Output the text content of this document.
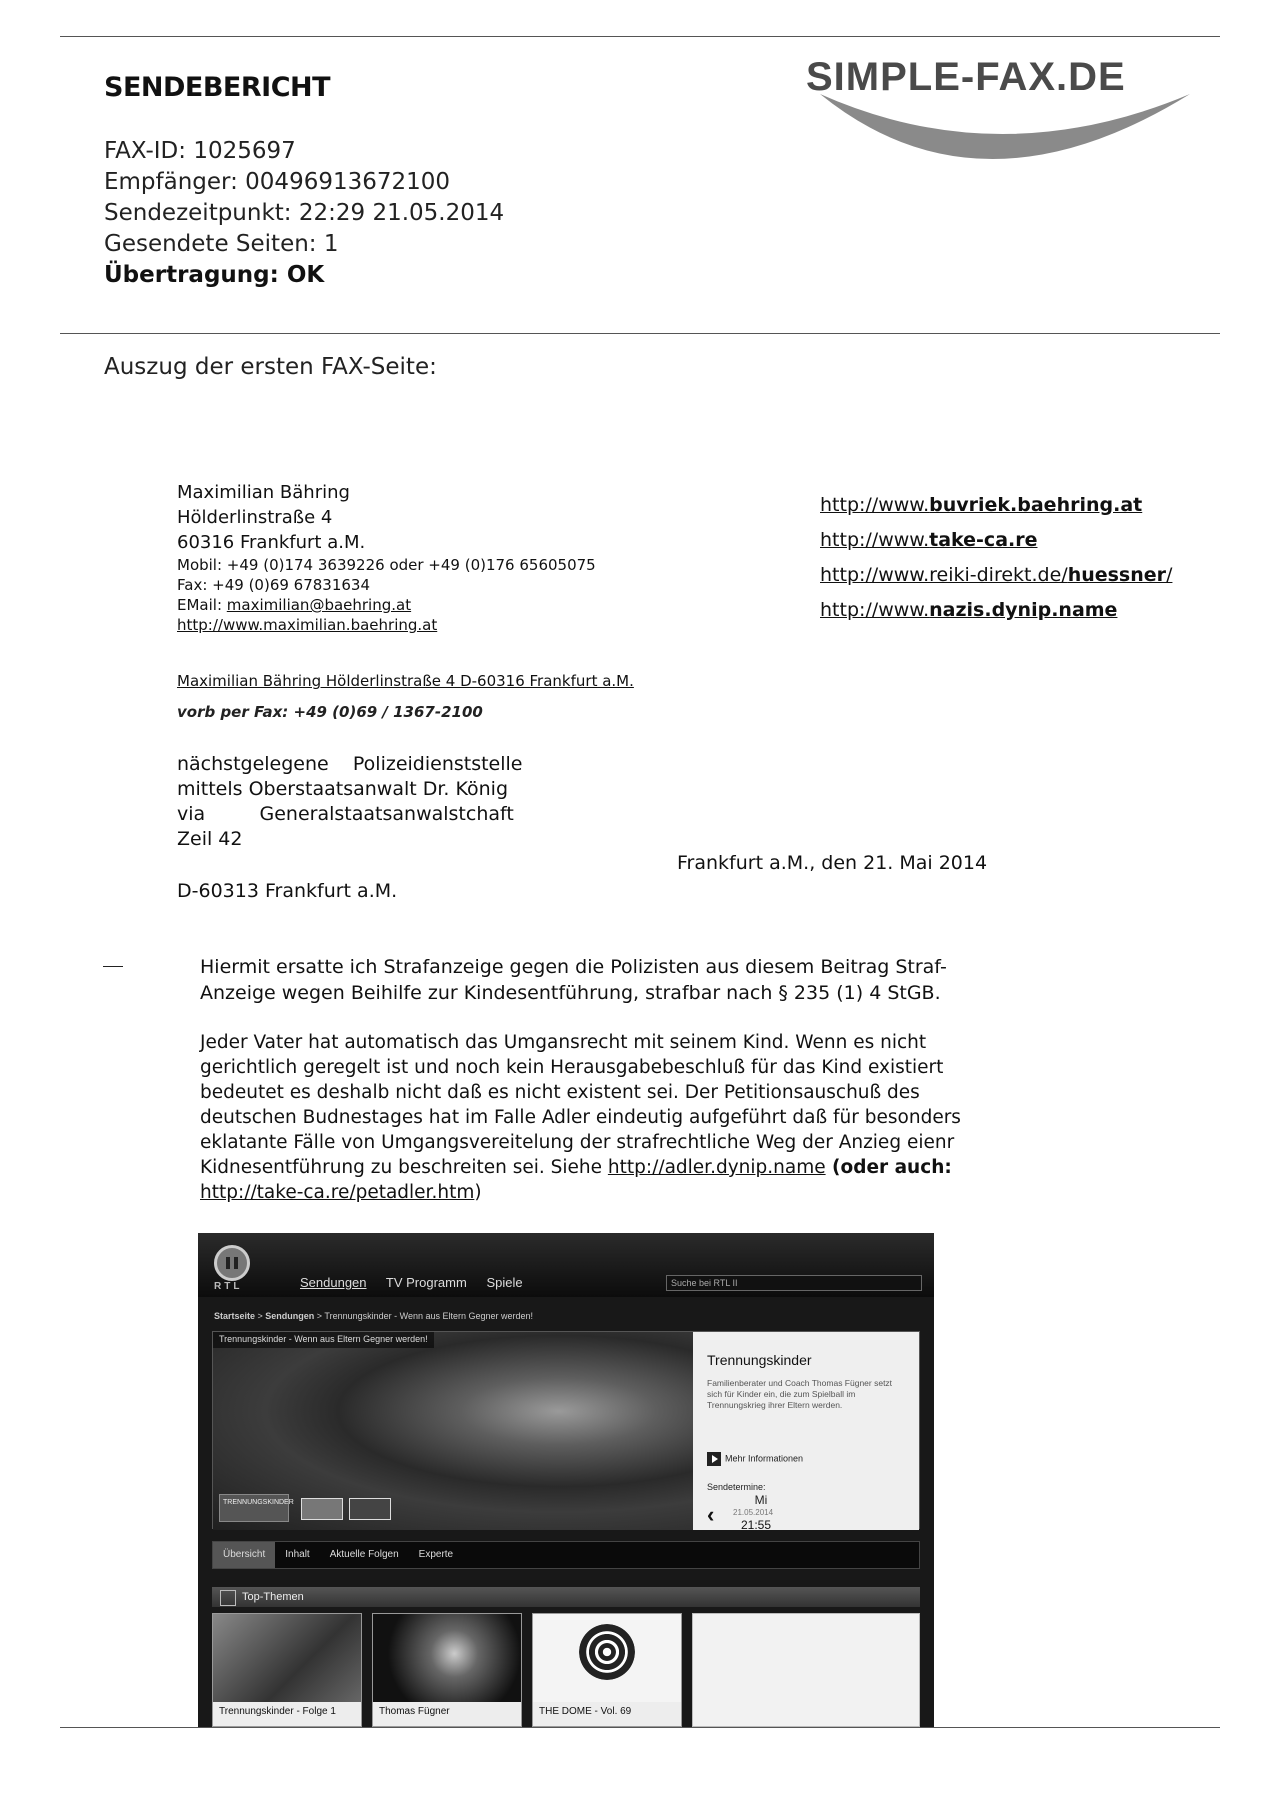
SENDEBERICHT	SIMPLE-FAX.DE
FAX-ID: 1025697
Empfänger: 00496913672100
Sendezeitpunkt: 22:29 21.05.2014
Gesendete Seiten: 1
Übertragung: OK
Auszug der ersten FAX-Seite:
Maximilian Bähring
Hölderlinstraße 4
60316 Frankfurt a.M.
Mobil: +49 (0)174 3639226 oder +49 (0)176 65605075
Fax: +49 (0)69 67831634
EMail: maximilian@baehring.at
http://www.maximilian.baehring.at
http://www.buvriek.baehring.at
http://www.take-ca.re
http://www.reiki-direkt.de/huessner/
http://www.nazis.dynip.name
Maximilian Bähring Hölderlinstraße 4 D-60316 Frankfurt a.M.
vorb per Fax: +49 (0)69 / 1367-2100
nächstgelegene    Polizeidienststelle
mittels Oberstaatsanwalt Dr. König
via         Generalstaatsanwalstchaft
Zeil 42
D-60313 Frankfurt a.M.
Frankfurt a.M., den 21. Mai 2014
Hiermit ersatte ich Strafanzeige gegen die Polizisten aus diesem Beitrag Straf-Anzeige wegen Beihilfe zur Kindesentführung, strafbar nach § 235 (1) 4 StGB.
Jeder Vater hat automatisch das Umgansrecht mit seinem Kind. Wenn es nicht gerichtlich geregelt ist und noch kein Herausgabebeschluß für das Kind existiert bedeutet es deshalb nicht daß es nicht existent sei. Der Petitionsauschuß des deutschen Budnestages hat im Falle Adler eindeutig aufgeführt daß für besonders eklatante Fälle von Umgangsvereitelung der strafrechtliche Weg der Anzieg eienr Kidnesentführung zu beschreiten sei. Siehe http://adler.dynip.name (oder auch: http://take-ca.re/petadler.htm)
RTL	Sendungen TV Programm Spiele	Suche bei RTL II
Startseite > Sendungen > Trennungskinder - Wenn aus Eltern Gegner werden!
Trennungskinder - Wenn aus Eltern Gegner werden!
TRENNUNGSKINDER
Trennungskinder
Familienberater und Coach Thomas Fügner setzt sich für Kinder ein, die zum Spielball im Trennungskrieg ihrer Eltern werden.
Mehr Informationen
Sendetermine:
‹
Mi
21.05.2014
21:55
Übersicht Inhalt Aktuelle Folgen Experte
Top-Themen
Trennungskinder - Folge 1	Thomas Fügner	THE DOME - Vol. 69
